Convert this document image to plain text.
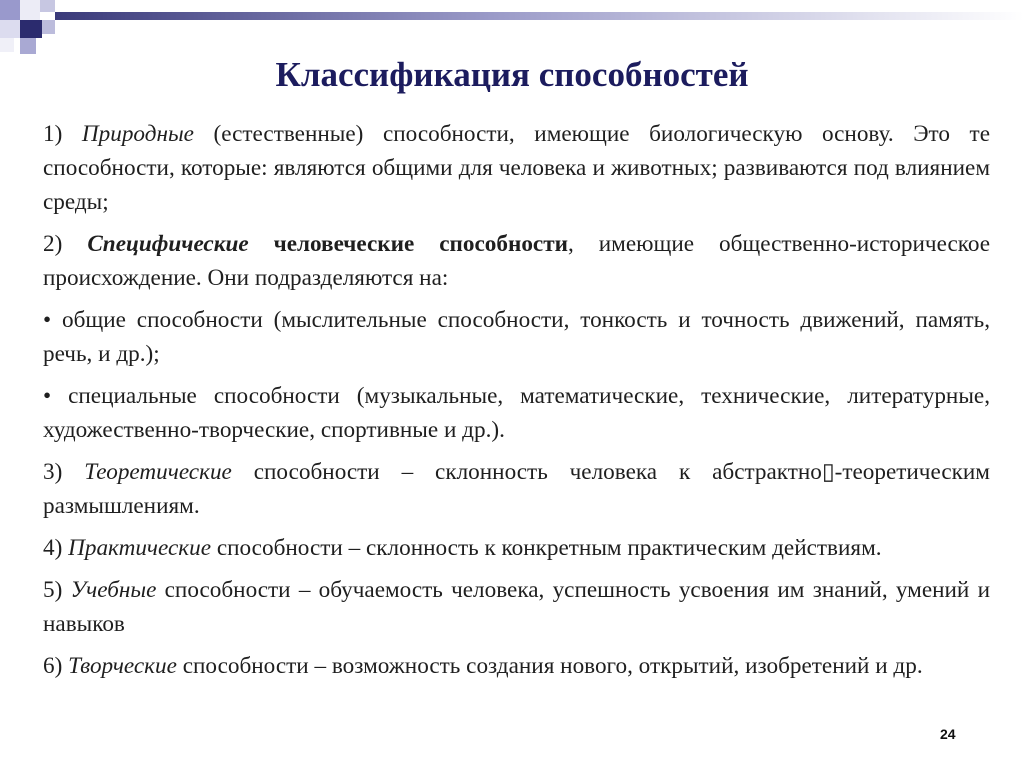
Классификация способностей

1) Природные (естественные) способности, имеющие биологическую основу. Это те способности, которые: являются общими для человека и животных; развиваются под влиянием среды;

2) Специфические человеческие способности, имеющие общественно-историческое происхождение. Они подразделяются на:

• общие способности (мыслительные способности, тонкость и точность движений, память, речь, и др.);

• специальные способности (музыкальные, математические, технические, литературные, художественно-творческие, спортивные и др.).

3) Теоретические способности – склонность человека к абстрактно▯-теоретическим размышлениям.

4) Практические способности – склонность к конкретным практическим действиям.

5) Учебные способности – обучаемость человека, успешность усвоения им знаний, умений и навыков

6) Творческие способности – возможность создания нового, открытий, изобретений и др.

24
